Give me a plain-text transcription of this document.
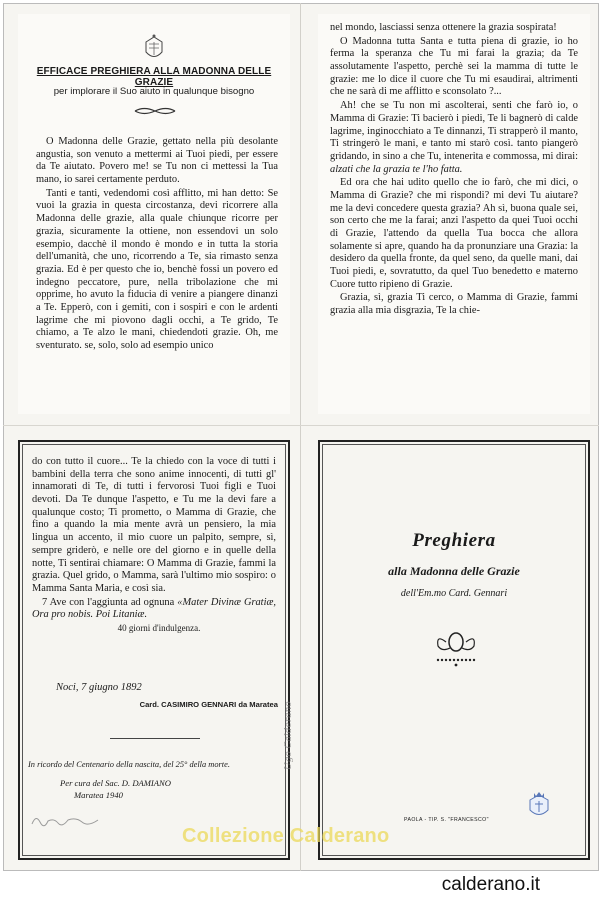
EFFICACE PREGHIERA ALLA MADONNA DELLE GRAZIE
per implorare il Suo aiuto in qualunque bisogno

O Madonna delle Grazie, gettato nella più desolante angustia, son venuto a mettermi ai Tuoi piedi, per essere da Te aiutato. Povero me! se Tu non ci mettessi la Tua mano, io sarei certamente perduto.

Tanti e tanti, vedendomi così afflitto, mi han detto: Se vuoi la grazia in questa circostanza, devi ricorrere alla Madonna delle grazie, alla quale chiunque ricorre per grazia, sicuramente la ottiene, non essendovi un solo esempio, dacchè il mondo è mondo e in tutta la storia dell'umanità, che uno, ricorrendo a Te, sia rimasto senza grazia. Ed è per questo che io, benchè fossi un povero ed indegno peccatore, pure, nella tribolazione che mi opprime, ho avuto la fiducia di venire a piangere dinanzi a Te. Epperò, con i gemiti, con i sospiri e con le ardenti lagrime che mi piovono dagli occhi, a Te grido, Te chiamo, a Te alzo le mani, chiedendoti grazie. Oh, me sventurato. se, solo, solo ad esempio unico

nel mondo, lasciassi senza ottenere la grazia sospirata!

O Madonna tutta Santa e tutta piena di grazie, io ho ferma la speranza che Tu mi farai la grazia; da Te assolutamente l'aspetto, perchè sei la mamma di tutte le grazie: me lo dice il cuore che Tu mi esaudirai, altrimenti che ne sarà di me afflitto e sconsolato ?...

Ah! che se Tu non mi ascolterai, senti che farò io, o Mamma di Grazie: Ti bacierò i piedi, Te li bagnerò di calde lagrime, inginocchiato a Te dinnanzi, Ti strapperò il manto, Ti stringerò le mani, e tanto mi starò così. tanto piangerò gridando, in sino a che Tu, intenerita e commossa, mi dirai: alzati che la grazia te l'ho fatta.

Ed ora che hai udito quello che io farò, che mi dici, o Mamma di Grazie? che mi rispondi? mi devi Tu aiutare? me la devi concedere questa grazia? Ah sì, buona quale sei, son certo che me la farai; anzi l'aspetto da quei Tuoi occhi di Grazie, l'attendo da quella Tua bocca che allora solamente si apre, quando ha da pronunziare una Grazia: la desidero da quella fronte, da quel seno, da quelle mani, dai Tuoi piedi, e, sovratutto, da quel Tuo benedetto e materno Cuore tutto ripieno di Grazie.

Grazia, sì, grazia Ti cerco, o Mamma di Grazie, fammi grazia alla mia disgrazia, Te la chie-

do con tutto il cuore... Te la chiedo con la voce di tutti i bambini della terra che sono anime innocenti, di tutti gl' innamorati di Te, di tutti i fervorosi Tuoi figli e Tuoi devoti. Da Te dunque l'aspetto, e Tu me la devi fare a qualunque costo; Ti prometto, o Mamma di Grazie, che fino a quando la mia mente avrà un pensiero, la mia lingua un accento, il mio cuore un palpito, sempre, sì, sempre griderò, e nelle ore del giorno e in quelle della notte, Ti sentirai chiamare: O Mamma di Grazie, fammi la grazia. Quel grido, o Mamma, sarà l'ultimo mio sospiro: o Mamma Santa Maria, e così sia.

7 Ave con l'aggiunta ad ognuna «Mater Divinæ Gratiæ, Ora pro nobis. Poi Litaniæ.

40 giorni d'indulgenza.

Noci, 7 giugno 1892
Card. CASIMIRO GENNARI da Maratea
In ricordo del Centenario della nascita, del 25° della morte.
Per cura del Sac. D. DAMIANO
Maratea 1940
Preghiera
alla Madonna delle Grazie
dell'Em.mo Card. Gennari
PAOLA - TIP. S. "FRANCESCO"
Ugo Calderano
Collezione Calderano
calderano.it
